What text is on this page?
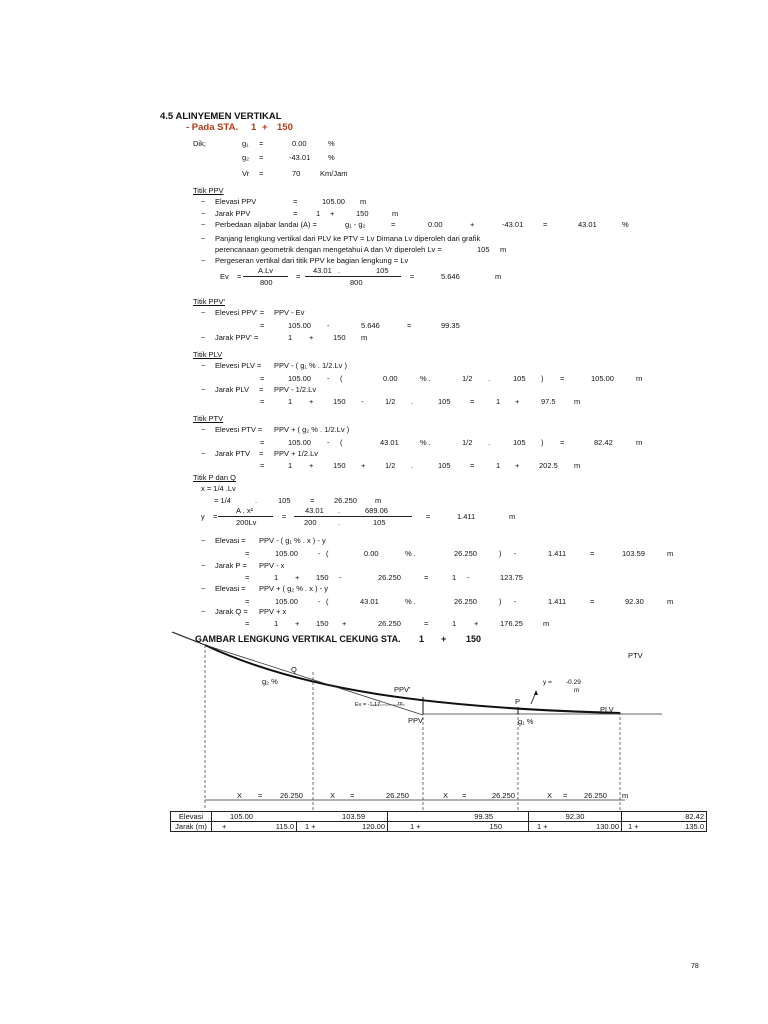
4.5 ALINYEMEN VERTIKAL
- Pada STA. 1 + 150
Dik;	g₁ =	0.00	%
g₂ =	-43.01 %
Vr =	70	Km/Jam
Titik PPV
~ Elevasi PPV	=	105.00 m
~ Jarak PPV	= 1 +	150	m
~ Perbedaan aljabar landai (A) =	g₁ - g₂	=	0.00	+	-43.01	=	43.01	%
~ Panjang lengkung vertikal dari PLV ke PTV = Lv Dimana Lv diperoleh dari grafik
perencanaan geometrik dengan mengetahui A dan Vr diperoleh Lv =	105 m
~ Pergeseran vertikal dari titik PPV ke bagian lengkung = Lv
Ev =
A.Lv
800
=
43.01 .	105
800
=	5.646	m
Titik PPV'
~ Elevesi PPV' = PPV - Ev
=	105.00 -	5.646	=	99.35
~ Jarak PPV' =	1 +	150 m
Titik PLV
~ Elevesi PLV = PPV - ( g₁ % . 1/2.Lv )
=	105.00 - (	0.00	% .	1/2 .	105 ) =	105.00	m
~ Jarak PLV = PPV - 1/2.Lv
=	1 +	150 -	1/2 .	105	=	1 +	97.5 m
Titik PTV
~ Elevesi PTV = PPV + ( g₂ % . 1/2.Lv )
=	105.00 - (	43.01	% .	1/2 .	105 ) =	82.42	m
~ Jarak PTV = PPV + 1/2.Lv
=	1 +	150 +	1/2 .	105	=	1 +	202.5 m
Titik P dan Q
x = 1/4 .Lv
= 1/4	.	105	=	26.250 m
y =
A . x²
200Lv
=
43.01 .	689.06
200	.	105
=	1.411	m
~ Elevasi = PPV - ( g₁ % . x ) - y
=	105.00	- (	0.00	% .	26.250	) -	1.411	=	103.59	m
~ Jarak P = PPV - x
=	1 + 150 -	26.250	=	1 -	123.75
~ Elevasi = PPV + ( g₂ % . x ) - y
=	105.00	- (	43.01	% .	26.250	) -	1.411	=	92.30	m
~ Jarak Q = PPV + x
=	1 + 150 +	26.250	=	1 +	176.25	m
GAMBAR LENGKUNG VERTIKAL CEKUNG STA. 1 + 150
PTV
Q
g₂ %
PPV'
Ev = -1.17	m
y = -0.29
m
P
PLV
PPV	g₁ %
X = 26.250	X =	26.250	X =	26.250	X = 26.250 m
Elevasi	105.00 103.59		99.35	92.30	82.42
Jarak (m)	+ 115.0	1 + 120.00	1 + 150	1 + 130.00	1 + 135.0
78
